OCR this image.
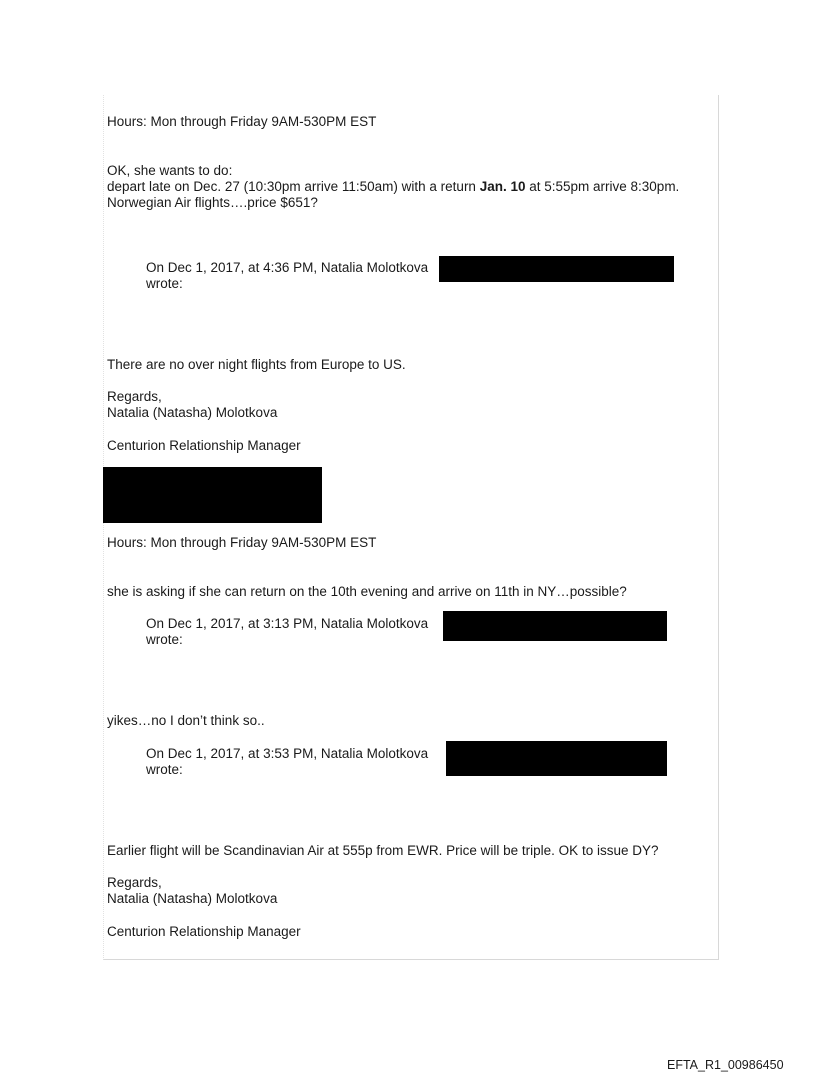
Hours: Mon through Friday 9AM-530PM EST
OK, she wants to do:
depart late on Dec. 27 (10:30pm arrive 11:50am) with a return Jan. 10 at 5:55pm arrive 8:30pm.
Norwegian Air flights….price $651?
On Dec 1, 2017, at 4:36 PM, Natalia Molotkova
wrote:
There are no over night flights from Europe to US.
Regards,
Natalia (Natasha) Molotkova
Centurion Relationship Manager
Hours: Mon through Friday 9AM-530PM EST
she is asking if she can return on the 10th evening and arrive on 11th in NY…possible?
On Dec 1, 2017, at 3:13 PM, Natalia Molotkova
wrote:
yikes…no I don’t think so..
On Dec 1, 2017, at 3:53 PM, Natalia Molotkova
wrote:
Earlier flight will be Scandinavian Air at 555p from EWR. Price will be triple. OK to issue DY?
Regards,
Natalia (Natasha) Molotkova
Centurion Relationship Manager
EFTA_R1_00986450
